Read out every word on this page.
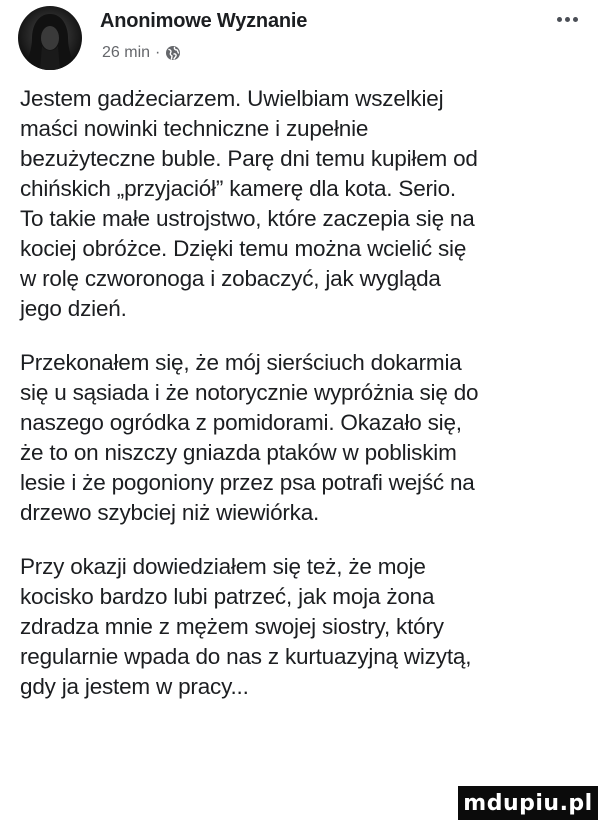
Anonimowe Wyznanie
26 min ·

Jestem gadżeciarzem. Uwielbiam wszelkiej
maści nowinki techniczne i zupełnie
bezużyteczne buble. Parę dni temu kupiłem od
chińskich „przyjaciół” kamerę dla kota. Serio.
To takie małe ustrojstwo, które zaczepia się na
kociej obróżce. Dzięki temu można wcielić się
w rolę czworonoga i zobaczyć, jak wygląda
jego dzień.

Przekonałem się, że mój sierściuch dokarmia
się u sąsiada i że notorycznie wypróżnia się do
naszego ogródka z pomidorami. Okazało się,
że to on niszczy gniazda ptaków w pobliskim
lesie i że pogoniony przez psa potrafi wejść na
drzewo szybciej niż wiewiórka.

Przy okazji dowiedziałem się też, że moje
kocisko bardzo lubi patrzeć, jak moja żona
zdradza mnie z mężem swojej siostry, który
regularnie wpada do nas z kurtuazyjną wizytą,
gdy ja jestem w pracy...

mdupiu.pl
